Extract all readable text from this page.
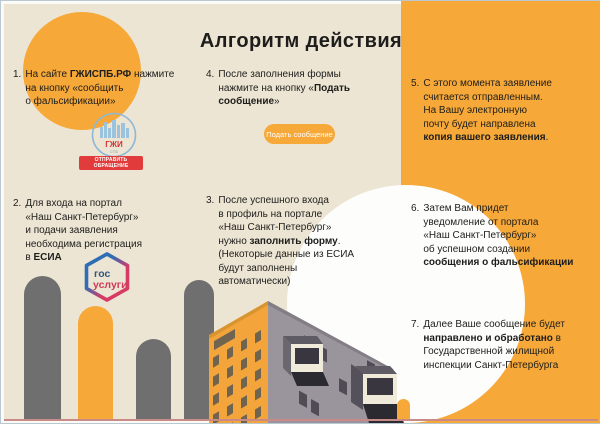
Алгоритм действия
1. На сайте ГЖИСПБ.РФ нажмите
на кнопку «сообщить
о фальсификации»
2. Для входа на портал
«Наш Санкт-Петербург»
и подачи заявления
необходима регистрация
в ЕСИА
3. После успешного входа
в профиль на портале
«Наш Санкт-Петербург»
нужно заполнить форму.
(Некоторые данные из ЕСИА
будут заполнены
автоматически)
4. После заполнения формы
нажмите на кнопку «Подать
сообщение»
5. С этого момента заявление
считается отправленным.
На Вашу электронную
почту будет направлена
копия вашего заявления.
6. Затем Вам придет
уведомление от портала
«Наш Санкт-Петербург»
об успешном создании
сообщения о фальсификации
7. Далее Ваше сообщение будет
направлено и обработано в
Государственной жилищной
инспекции Санкт-Петербурга
ГЖИ
СПБ
ОТПРАВИТЬ ОБРАЩЕНИЕ
Подать сообщение
гос
услуги
